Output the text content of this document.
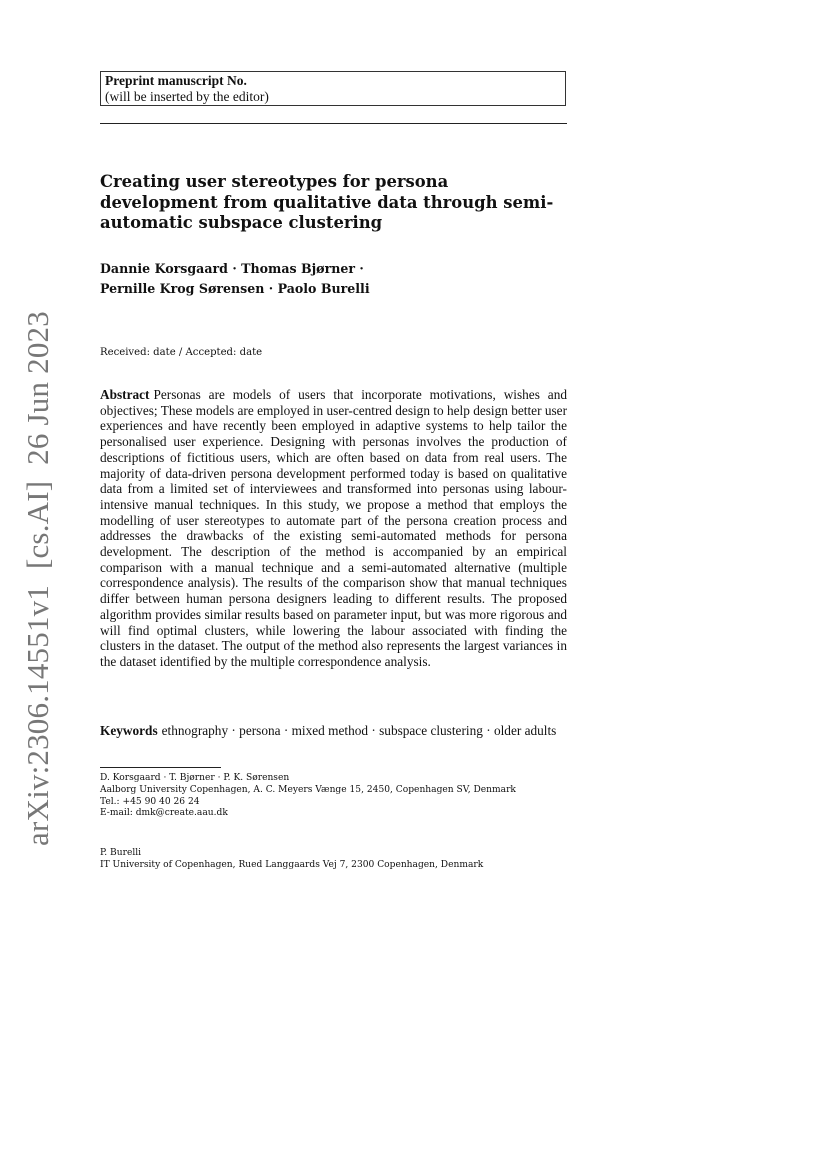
Preprint manuscript No.
(will be inserted by the editor)
Creating user stereotypes for persona development from qualitative data through semi-automatic subspace clustering
Dannie Korsgaard · Thomas Bjørner ·
Pernille Krog Sørensen · Paolo Burelli
Received: date / Accepted: date
Abstract Personas are models of users that incorporate motivations, wishes and objectives; These models are employed in user-centred design to help design better user experiences and have recently been employed in adaptive systems to help tailor the personalised user experience. Designing with personas involves the production of descriptions of fictitious users, which are often based on data from real users. The majority of data-driven persona development performed today is based on qualitative data from a limited set of interviewees and transformed into personas using labour-intensive manual techniques. In this study, we propose a method that employs the modelling of user stereotypes to automate part of the persona creation process and addresses the drawbacks of the existing semi-automated methods for persona development. The description of the method is accompanied by an empirical comparison with a manual technique and a semi-automated alternative (multiple correspondence analysis). The results of the comparison show that manual techniques differ between human persona designers leading to different results. The proposed algorithm provides similar results based on parameter input, but was more rigorous and will find optimal clusters, while lowering the labour associated with finding the clusters in the dataset. The output of the method also represents the largest variances in the dataset identified by the multiple correspondence analysis.
Keywords ethnography · persona · mixed method · subspace clustering · older adults
D. Korsgaard · T. Bjørner · P. K. Sørensen
Aalborg University Copenhagen, A. C. Meyers Vænge 15, 2450, Copenhagen SV, Denmark
Tel.: +45 90 40 26 24
E-mail: dmk@create.aau.dk
P. Burelli
IT University of Copenhagen, Rued Langgaards Vej 7, 2300 Copenhagen, Denmark
arXiv:2306.14551v1  [cs.AI]  26 Jun 2023
